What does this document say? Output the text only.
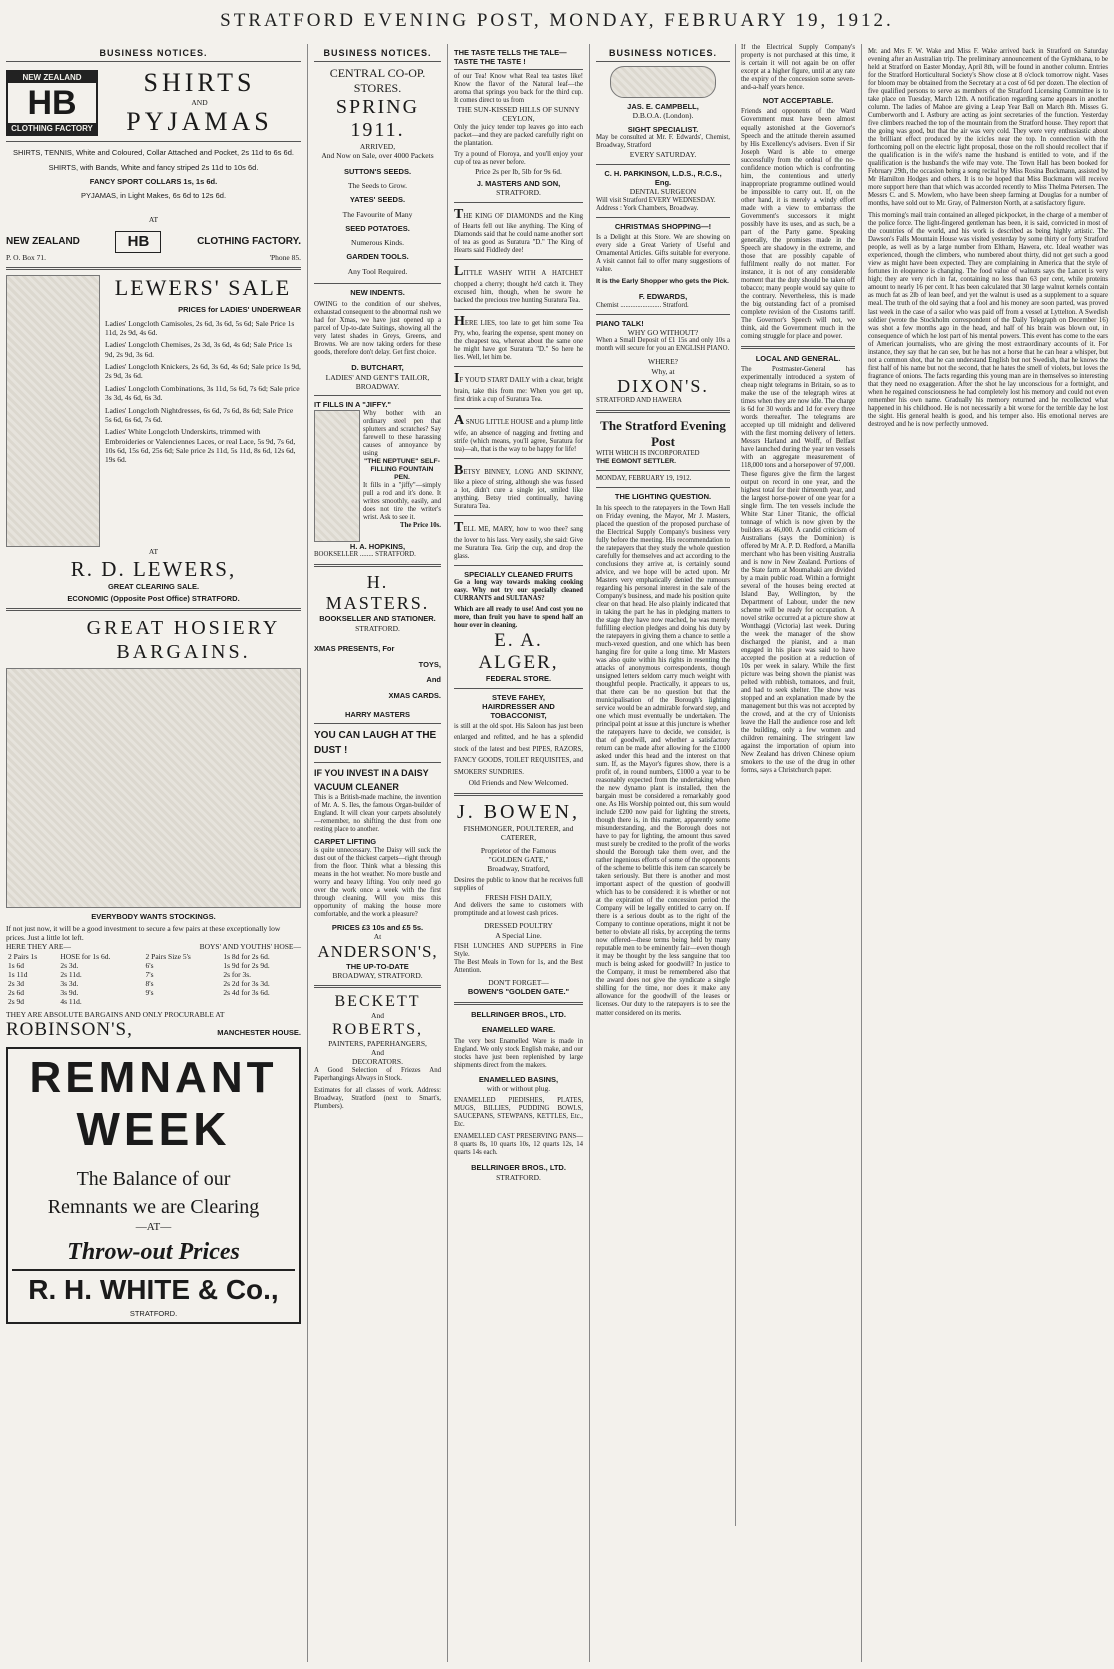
STRATFORD EVENING POST, MONDAY, FEBRUARY 19, 1912.
BUSINESS NOTICES.
NEW ZEALAND
HB
CLOTHING FACTORY
SHIRTS
AND
PYJAMAS
SHIRTS, TENNIS, White and Coloured, Collar Attached and Pocket, 2s 11d to 6s 6d.
SHIRTS, with Bands, White and fancy striped 2s 11d to 10s 6d.
FANCY SPORT COLLARS 1s, 1s 6d.
PYJAMAS, in Light Makes, 6s 6d to 12s 6d.
AT
NEW ZEALAND	HB	CLOTHING FACTORY.
P. O. Box 71.	'Phone 85.
LEWERS' SALE
PRICES for LADIES' UNDERWEAR
Ladies' Longcloth Camisoles, 2s 6d, 3s 6d, 5s 6d; Sale Price 1s 11d, 2s 9d, 4s 6d.
Ladies' Longcloth Chemises, 2s 3d, 3s 6d, 4s 6d; Sale Price 1s 9d, 2s 9d, 3s 6d.
Ladies' Longcloth Knickers, 2s 6d, 3s 6d, 4s 6d; Sale price 1s 9d, 2s 9d, 3s 6d.
Ladies' Longcloth Combinations, 3s 11d, 5s 6d, 7s 6d; Sale price 3s 3d, 4s 6d, 6s 3d.
Ladies' Longcloth Nightdresses, 6s 6d, 7s 6d, 8s 6d; Sale Price 5s 6d, 6s 6d, 7s 6d.
Ladies' White Longcloth Underskirts, trimmed with Embroideries or Valenciennes Laces, or real Lace, 5s 9d, 7s 6d, 10s 6d, 15s 6d, 25s 6d; Sale price 2s 11d, 5s 11d, 8s 6d, 12s 6d, 19s 6d.
AT
R. D. LEWERS,
GREAT CLEARING SALE.
ECONOMIC (Opposite Post Office) STRATFORD.
GREAT HOSIERY BARGAINS.
EVERYBODY WANTS STOCKINGS.
If not just now, it will be a good investment to secure a few pairs at these exceptionally low prices. Just a little lot left.
HERE THEY ARE—	BOYS' AND YOUTHS' HOSE—
2 Pairs 1s	HOSE for 1s 6d.	2 Pairs Size 5's	1s 8d for 2s 6d.
1s 6d	2s 3d.	6's	1s 9d for 2s 9d.
1s 11d	2s 11d.	7's	2s for 3s.
2s 3d	3s 3d.	8's	2s 2d for 3s 3d.
2s 6d	3s 9d.	9's	2s 4d for 3s 6d.
2s 9d	4s 11d.		
THEY ARE ABSOLUTE BARGAINS AND ONLY PROCURABLE AT
ROBINSON'S,	MANCHESTER HOUSE.
REMNANT
WEEK
The Balance of our
Remnants we are Clearing
—AT—
Throw-out Prices
R. H. WHITE & Co.,
STRATFORD.
BUSINESS NOTICES.
CENTRAL CO-OP. STORES.
SPRING 1911.
ARRIVED,
And Now on Sale, over 4000 Packets
SUTTON'S SEEDS.
The Seeds to Grow.
YATES' SEEDS.
The Favourite of Many
SEED POTATOES.
Numerous Kinds.
GARDEN TOOLS.
Any Tool Required.
NEW INDENTS.
OWING to the condition of our shelves, exhaustad consequent to the abnormal rush we had for Xmas, we have just opened up a parcel of Up-to-date Suitings, showing all the very latest shades in Greys, Greens, and Browns. We are now taking orders for these goods, therefore don't delay. Get first choice.
D. BUTCHART,
LADIES' AND GENT'S TAILOR,
BROADWAY.
IT FILLS IN A "JIFFY."
Why bother with an ordinary steel pen that splutters and scratches? Say farewell to these harassing causes of annoyance by using
"THE NEPTUNE" SELF-FILLING FOUNTAIN PEN.
It fills in a "jiffy"—simply pull a rod and it's done. It writes smoothly, easily, and does not tire the writer's wrist. Ask to see it.
The Price 10s.
H. A. HOPKINS,
BOOKSELLER ........ STRATFORD.
H. MASTERS.
BOOKSELLER AND STATIONER.
STRATFORD.
XMAS PRESENTS, For
TOYS,
And
XMAS CARDS.
HARRY MASTERS
YOU CAN LAUGH AT THE DUST !
IF YOU INVEST IN A DAISY VACUUM CLEANER
This is a British-made machine, the invention of Mr. A. S. Iles, the famous Organ-builder of England. It will clean your carpets absolutely—remember, no shifting the dust from one resting place to another.
CARPET LIFTING
is quite unnecessary. The Daisy will suck the dust out of the thickest carpets—right through from the floor. Think what a blessing this means in the hot weather. No more bustle and worry and heavy lifting. You only need go over the work once a week with the first through cleaning. Will you miss this opportunity of making the house more comfortable, and the work a pleasure?
PRICES £3 10s and £5 5s.
At
ANDERSON'S,
THE UP-TO-DATE
BROADWAY, STRATFORD.
BECKETT
And
ROBERTS,
PAINTERS, PAPERHANGERS,
And
DECORATORS.
A Good Selection of Friezes And Paperhangings Always in Stock.
Estimates for all classes of work. Address: Broadway, Stratford (next to Smart's, Plumbers).
THE TASTE TELLS THE TALE—TASTE THE TASTE !
of our Tea! Know what Real tea tastes like! Know the flavor of the Natural leaf—the aroma that springs you back for the third cup. It comes direct to us from
THE SUN-KISSED HILLS OF SUNNY CEYLON,
Only the juicy tender top leaves go into each packet—and they are packed carefully right on the plantation.
Try a pound of Floroya, and you'll enjoy your cup of tea as never before.
Price 2s per lb, 5lb for 9s 6d.
J. MASTERS AND SON,
STRATFORD.
THE KING OF DIAMONDS and the King of Hearts fell out like anything. The King of Diamonds said that he could name another sort of tea as good as Suratura "D." The King of Hearts said Fiddledy dee!
LITTLE WASHY WITH A HATCHET chopped a cherry; thought he'd catch it. They excused him, though, when he swore he backed the precious tree hunting Suratura Tea.
HERE LIES, too late to get him some Tea Pry, who, fearing the expense, spent money on the cheapest tea, whereat about the same one he might have got Suratura "D." So here he lies. Well, let him be.
IF YOU'D START DAILY with a clear, bright brain, take this from me: When you get up, first drink a cup of Suratura Tea.
A SNUG LITTLE HOUSE and a plump little wife, an absence of nagging and fretting and strife (which means, you'll agree, Suratura for tea)—ah, that is the way to be happy for life!
BETSY BINNEY, LONG AND SKINNY, like a piece of string, although she was fussed a lot, didn't cure a single jot, smiled like anything. Betsy tried continually, having Suratura Tea.
TELL ME, MARY, how to woo thee? sang the lover to his lass. Very easily, she said: Give me Suratura Tea. Grip the cup, and drop the glass.
SPECIALLY CLEANED FRUITS
Go a long way towards making cooking easy. Why not try our specially cleaned CURRANTS and SULTANAS?
Which are all ready to use! And cost you no more, than fruit you have to spend half an hour over in cleaning.
E. A. ALGER,
FEDERAL STORE.
STEVE FAHEY,
HAIRDRESSER AND TOBACCONIST,
is still at the old spot. His Saloon has just been enlarged and refitted, and he has a splendid stock of the latest and best PIPES, RAZORS, FANCY GOODS, TOILET REQUISITES, and SMOKERS' SUNDRIES.
Old Friends and New Welcomed.
J. BOWEN,
FISHMONGER, POULTERER, and CATERER,
Proprietor of the Famous
"GOLDEN GATE,"
Broadway, Stratford,
Desires the public to know that he receives full supplies of
FRESH FISH DAILY,
And delivers the same to customers with promptitude and at lowest cash prices.
DRESSED POULTRY
A Special Line.
FISH LUNCHES AND SUPPERS in Fine Style.
The Best Meals in Town for 1s, and the Best Attention.
DON'T FORGET—
BOWEN'S "GOLDEN GATE."
BELLRINGER BROS., LTD.
ENAMELLED WARE.
The very best Enamelled Ware is made in England. We only stock English make, and our stocks have just been replenished by large shipments direct from the makers.
ENAMELLED BASINS,
with or without plug.
ENAMELLED PIEDISHES, PLATES, MUGS, BILLIES, PUDDING BOWLS, SAUCEPANS, STEWPANS, KETTLES, Etc., Etc.
ENAMELLED CAST PRESERVING PANS—8 quarts 8s, 10 quarts 10s, 12 quarts 12s, 14 quarts 14s each.
BELLRINGER BROS., LTD.
STRATFORD.
BUSINESS NOTICES.
JAS. E. CAMPBELL,
D.B.O.A. (London).
SIGHT SPECIALIST.
May be consulted at Mr. F. Edwards', Chemist, Broadway, Stratford
EVERY SATURDAY.
C. H. PARKINSON, L.D.S., R.C.S., Eng.
DENTAL SURGEON
Will visit Stratford EVERY WEDNESDAY.
Address : York Chambers, Broadway.
CHRISTMAS SHOPPING—!
Is a Delight at this Store. We are showing on every side a Great Variety of Useful and Ornamental Articles. Gifts suitable for everyone. A visit cannot fail to offer many suggestions of value.
It is the Early Shopper who gets the Pick.
F. EDWARDS,
Chemist ........................ Stratford.
PIANO TALK!
WHY GO WITHOUT?
When a Small Deposit of £1 15s and only 10s a month will secure for you an ENGLISH PIANO.
WHERE?
Why, at
DIXON'S.
STRATFORD AND HAWERA
The Stratford Evening Post
WITH WHICH IS INCORPORATED
THE EGMONT SETTLER.
MONDAY, FEBRUARY 19, 1912.
THE LIGHTING QUESTION.
In his speech to the ratepayers in the Town Hall on Friday evening, the Mayor, Mr J. Masters, placed the question of the proposed purchase of the Electrical Supply Company's business very fully before the meeting. His recommendation to the ratepayers that they study the whole question carefully for themselves and act according to the conclusions they arrive at, is certainly sound advice, and we hope will be acted upon. Mr Masters very emphatically denied the rumours regarding his personal interest in the sale of the Company's business, and made his position quite clear on that head. He also plainly indicated that in taking the part he has in pledging matters to the stage they have now reached, he was merely fulfilling election pledges and doing his duty by the ratepayers in giving them a chance to settle a much-vexed question, and one which has been hanging fire for quite a long time. Mr Masters was also quite within his rights in resenting the attacks of anonymous correspondents, though unsigned letters seldom carry much weight with thoughtful people. Practically, it appears to us, that there can be no question but that the municipalisation of the Borough's lighting service would be an admirable forward step, and one which must eventually be undertaken. The principal point at issue at this juncture is whether the ratepayers have to decide, we consider, is that of goodwill, and whether a satisfactory return can be made after allowing for the £1000 asked under this head and the interest on that sum. If, as the Mayor's figures show, there is a profit of, in round numbers, £1000 a year to be reasonably expected from the undertaking when the new dynamo plant is installed, then the bargain must be considered a remarkably good one. As His Worship pointed out, this sum would include £200 now paid for lighting the streets, though there is, in this matter, apparently some misunderstanding, and the Borough does not have to pay for lighting, the amount thus saved must surely be credited to the profit of the works should the Borough take them over, and the rather ingenious efforts of some of the opponents of the scheme to belittle this item can scarcely be taken seriously. But there is another and most important aspect of the question of goodwill which has to be considered: it is whether or not at the expiration of the concession period the Company will be legally entitled to carry on. If there is a serious doubt as to the right of the Company to continue operations, might it not be better to obviate all risks, by accepting the terms now offered—these terms being held by many reputable men to be eminently fair—even though it may be thought by the less sanguine that too much is being asked for goodwill? In justice to the Company, it must be remembered also that the award does not give the syndicate a single shilling for the time, nor does it make any allowance for the goodwill of the leases or licenses. Our duty to the ratepayers is to see the matter considered on its merits.
If the Electrical Supply Company's property is not purchased at this time, it is certain it will not again be on offer except at a higher figure, until at any rate the expiry of the concession some seven-and-a-half years hence.
NOT ACCEPTABLE.
Friends and opponents of the Ward Government must have been almost equally astonished at the Governor's Speech and the attitude therein assumed by His Excellency's advisers. Even if Sir Joseph Ward is able to emerge successfully from the ordeal of the no-confidence motion which is confronting him, the contentious and utterly inappropriate programme outlined would be impossible to carry out. If, on the other hand, it is merely a windy effort made with a view to embarrass the Government's successors it might possibly have its uses, and as such, be a part of the Party game. Speaking generally, the promises made in the Speech are shadowy in the extreme, and those that are possibly capable of fulfilment really do not matter. For instance, it is not of any considerable moment that the duty should be taken off tobacco; many people would say quite to the contrary. Nevertheless, this is made the big outstanding fact of a promised complete revision of the Customs tariff. The Governor's Speech will not, we think, aid the Government much in the coming struggle for place and power.
LOCAL AND GENERAL.
The Postmaster-General has experimentally introduced a system of cheap night telegrams in Britain, so as to make the use of the telegraph wires at times when they are now idle. The charge is 6d for 30 words and 1d for every three words thereafter. The telegrams are accepted up till midnight and delivered with the first morning delivery of letters. Messrs Harland and Wolff, of Belfast have launched during the year ten vessels with an aggregate measurement of 118,000 tons and a horsepower of 97,000. These figures give the firm the largest output on record in one year, and the highest total for their thirteenth year, and the largest horse-power of one year for a single firm. The ten vessels include the White Star Liner Titanic, the official tonnage of which is now given by the builders as 46,000. A candid criticism of Australians (says the Dominion) is offered by Mr A. P. D. Redford, a Manilla merchant who has been visiting Australia and is now in New Zealand. Portions of the State farm at Moumahaki are divided by a main public road. Within a fortnight several of the houses being erected at Island Bay, Wellington, by the Department of Labour, under the new scheme will be ready for occupation. A novel strike occurred at a picture show at Wonthaggi (Victoria) last week. During the week the manager of the show discharged the pianist, and a man engaged in his place was said to have accepted the position at a reduction of 10s per week in salary. While the first picture was being shown the pianist was pelted with rubbish, tomatoes, and fruit, and had to seek shelter. The show was stopped and an explanation made by the management but this was not accepted by the crowd, and at the cry of Unionists leave the Hall the audience rose and left the building, only a few women and children remaining. The stringent law against the importation of opium into New Zealand has driven Chinese opium smokers to the use of the drug in other forms, says a Christchurch paper.
Mr. and Mrs F. W. Wake and Miss F. Wake arrived back in Stratford on Saturday evening after an Australian trip. The preliminary announcement of the Gymkhana, to be held at Stratford on Easter Monday, April 8th, will be found in another column. Entries for the Stratford Horticultural Society's Show close at 8 o'clock tomorrow night. Vases for bloom may be obtained from the Secretary at a cost of 6d per dozen. The election of five qualified persons to serve as members of the Stratford Licensing Committee is to take place on Tuesday, March 12th. A notification regarding same appears in another column. The ladies of Mahoe are giving a Leap Year Ball on March 8th. Misses G. Cumberworth and I. Astbury are acting as joint secretaries of the function. Yesterday five climbers reached the top of the mountain from the Stratford house. They report that the going was good, but that the air was very cold. They were very enthusiastic about the brilliant effect produced by the icicles near the top. In connection with the forthcoming poll on the electric light proposal, those on the roll should recollect that if the qualification is in the wife's name the husband is entitled to vote, and if the qualification is the husband's the wife may vote. The Town Hall has been booked for February 29th, the occasion being a song recital by Miss Rosina Buckmann, assisted by Mr Hamilton Hodges and others. It is to be hoped that Miss Buckmann will receive more support here than that which was accorded recently to Miss Thelma Petersen. The Messrs C. and S. Mowlem, who have been sheep farming at Douglas for a number of months, have sold out to Mr. Gray, of Palmerston North, at a satisfactory figure.
This morning's mail train contained an alleged pickpocket, in the charge of a member of the police force. The light-fingered gentleman has been, it is said, convicted in most of the countries of the world, and his work is described as being highly artistic. The Dawson's Falls Mountain House was visited yesterday by some thirty or forty Stratford people, as well as by a large number from Eltham, Hawera, etc. Ideal weather was experienced, though the climbers, who numbered about thirty, did not get such a good view as might have been expected. They are complaining in America that the style of fortunes in eloquence is changing. The food value of walnuts says the Lancet is very high; they are very rich in fat, containing no less than 63 per cent, while proteins amount to nearly 16 per cent. It has been calculated that 30 large walnut kernels contain as much fat as 2lb of lean beef, and yet the walnut is used as a supplement to a square meal. The truth of the old saying that a fool and his money are soon parted, was proved last week in the case of a sailor who was paid off from a vessel at Lyttelton. A Swedish soldier (wrote the Stockholm correspondent of the Daily Telegraph on December 16) was shot a few months ago in the head, and half of his brain was blown out, in consequence of which he lost part of his mental powers. This event has come to the ears of American journalists, who are giving the most extraordinary accounts of it. For instance, they say that he can see, but he has not a horse that he can hear a whisper, but not a common shot, that he can understand English but not Swedish, that he knows the first half of his name but not the second, that he hates the smell of violets, but loves the fragrance of onions. The facts regarding this young man are in themselves so interesting that they need no exaggeration. After the shot he lay unconscious for a fortnight, and when he regained consciousness he had completely lost his memory and could not even remember his own name. Gradually his memory returned and he recollected what happened in his childhood. He is not necessarily a bit worse for the terrible day he lost the sight. His general health is good, and his temper also. His emotional nerves are destroyed and he is now perfectly unmoved.
